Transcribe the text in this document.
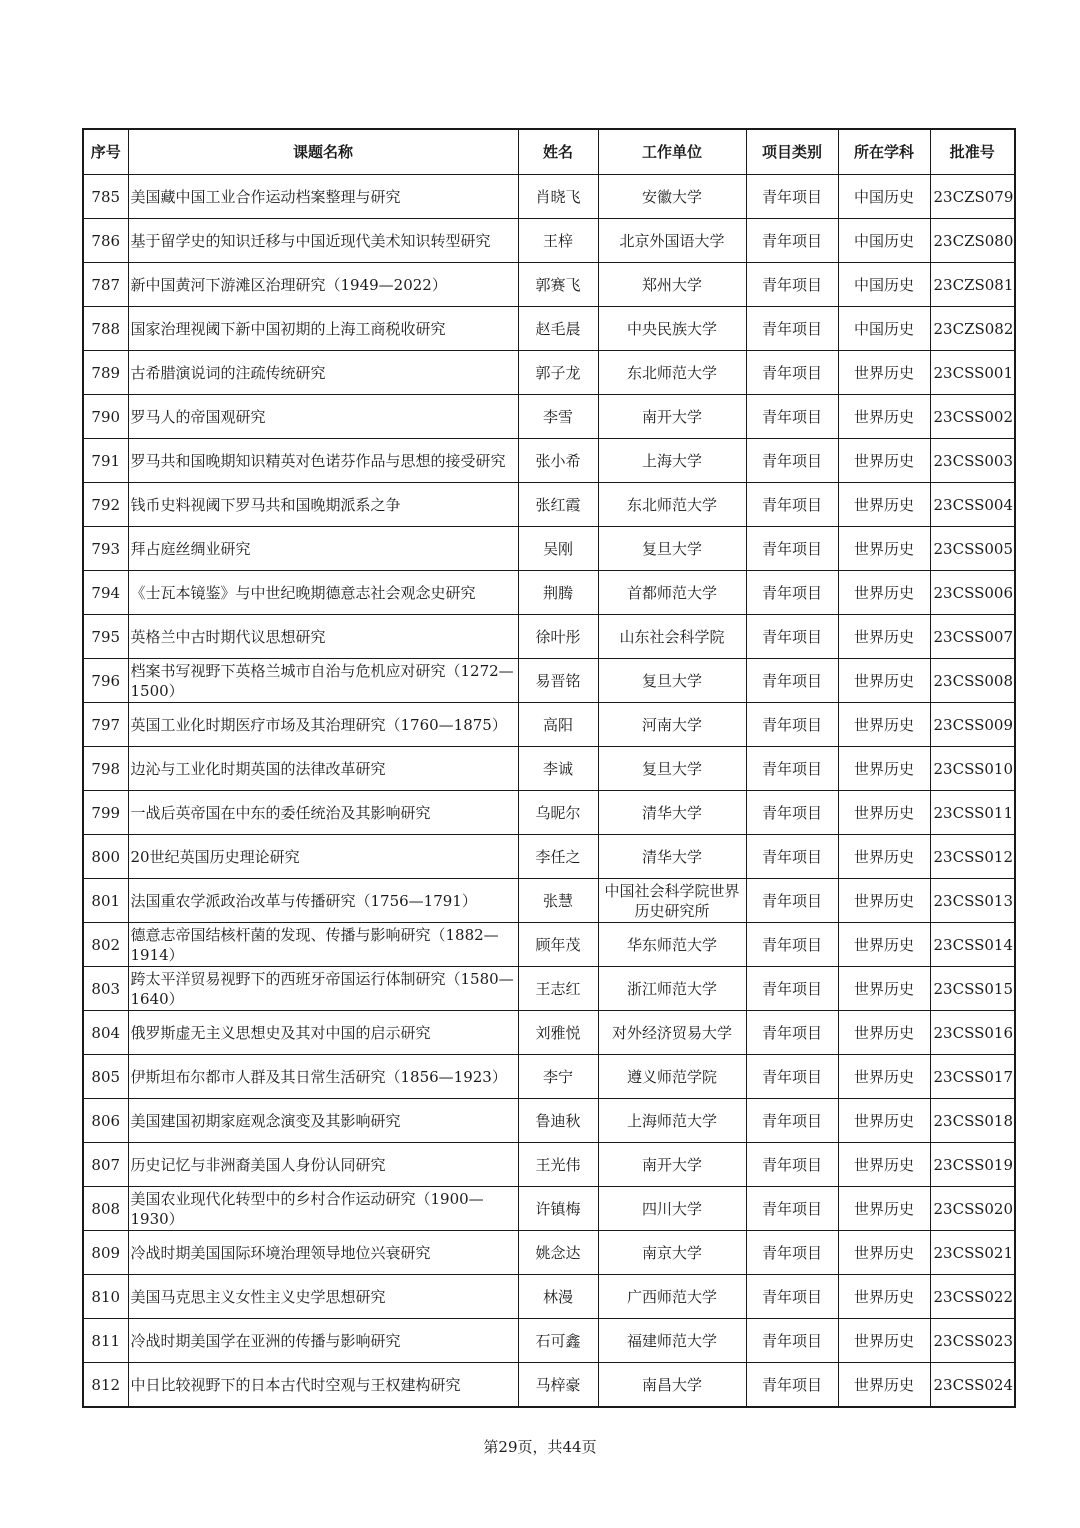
序号	课题名称	姓名	工作单位	项目类别	所在学科	批准号
785	美国藏中国工业合作运动档案整理与研究	肖晓飞	安徽大学	青年项目	中国历史	23CZS079
786	基于留学史的知识迁移与中国近现代美术知识转型研究	王梓	北京外国语大学	青年项目	中国历史	23CZS080
787	新中国黄河下游滩区治理研究（1949—2022）	郭赛飞	郑州大学	青年项目	中国历史	23CZS081
788	国家治理视阈下新中国初期的上海工商税收研究	赵毛晨	中央民族大学	青年项目	中国历史	23CZS082
789	古希腊演说词的注疏传统研究	郭子龙	东北师范大学	青年项目	世界历史	23CSS001
790	罗马人的帝国观研究	李雪	南开大学	青年项目	世界历史	23CSS002
791	罗马共和国晚期知识精英对色诺芬作品与思想的接受研究	张小希	上海大学	青年项目	世界历史	23CSS003
792	钱币史料视阈下罗马共和国晚期派系之争	张红霞	东北师范大学	青年项目	世界历史	23CSS004
793	拜占庭丝绸业研究	吴刚	复旦大学	青年项目	世界历史	23CSS005
794	《士瓦本镜鉴》与中世纪晚期德意志社会观念史研究	荆腾	首都师范大学	青年项目	世界历史	23CSS006
795	英格兰中古时期代议思想研究	徐叶彤	山东社会科学院	青年项目	世界历史	23CSS007
796	档案书写视野下英格兰城市自治与危机应对研究（1272—1500）	易晋铭	复旦大学	青年项目	世界历史	23CSS008
797	英国工业化时期医疗市场及其治理研究（1760—1875）	高阳	河南大学	青年项目	世界历史	23CSS009
798	边沁与工业化时期英国的法律改革研究	李诚	复旦大学	青年项目	世界历史	23CSS010
799	一战后英帝国在中东的委任统治及其影响研究	乌昵尔	清华大学	青年项目	世界历史	23CSS011
800	20世纪英国历史理论研究	李任之	清华大学	青年项目	世界历史	23CSS012
801	法国重农学派政治改革与传播研究（1756—1791）	张慧	中国社会科学院世界历史研究所	青年项目	世界历史	23CSS013
802	德意志帝国结核杆菌的发现、传播与影响研究（1882—1914）	顾年茂	华东师范大学	青年项目	世界历史	23CSS014
803	跨太平洋贸易视野下的西班牙帝国运行体制研究（1580—1640）	王志红	浙江师范大学	青年项目	世界历史	23CSS015
804	俄罗斯虚无主义思想史及其对中国的启示研究	刘雅悦	对外经济贸易大学	青年项目	世界历史	23CSS016
805	伊斯坦布尔都市人群及其日常生活研究（1856—1923）	李宁	遵义师范学院	青年项目	世界历史	23CSS017
806	美国建国初期家庭观念演变及其影响研究	鲁迪秋	上海师范大学	青年项目	世界历史	23CSS018
807	历史记忆与非洲裔美国人身份认同研究	王光伟	南开大学	青年项目	世界历史	23CSS019
808	美国农业现代化转型中的乡村合作运动研究（1900—1930）	许镇梅	四川大学	青年项目	世界历史	23CSS020
809	冷战时期美国国际环境治理领导地位兴衰研究	姚念达	南京大学	青年项目	世界历史	23CSS021
810	美国马克思主义女性主义史学思想研究	林漫	广西师范大学	青年项目	世界历史	23CSS022
811	冷战时期美国学在亚洲的传播与影响研究	石可鑫	福建师范大学	青年项目	世界历史	23CSS023
812	中日比较视野下的日本古代时空观与王权建构研究	马梓豪	南昌大学	青年项目	世界历史	23CSS024
第29页，共44页
